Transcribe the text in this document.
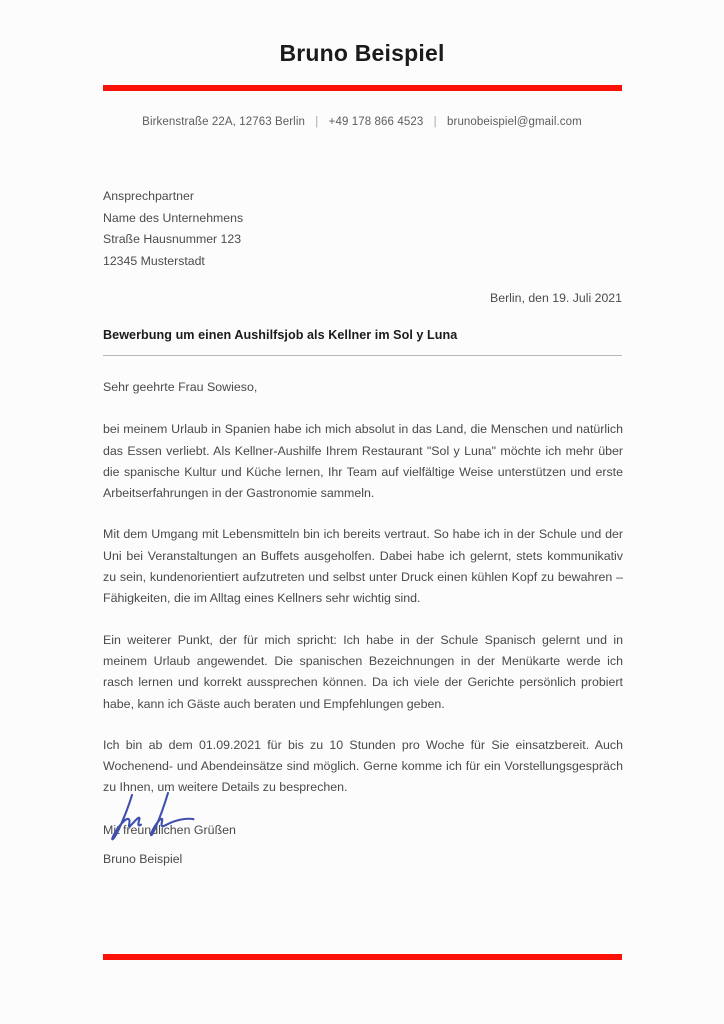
Bruno Beispiel
Birkenstraße 22A, 12763 Berlin | +49 178 866 4523 | brunobeispiel@gmail.com
Ansprechpartner
Name des Unternehmens
Straße Hausnummer 123
12345 Musterstadt
Berlin, den 19. Juli 2021
Bewerbung um einen Aushilfsjob als Kellner im Sol y Luna

Sehr geehrte Frau Sowieso,

bei meinem Urlaub in Spanien habe ich mich absolut in das Land, die Menschen und natürlich das Essen verliebt. Als Kellner-Aushilfe Ihrem Restaurant "Sol y Luna" möchte ich mehr über die spanische Kultur und Küche lernen, Ihr Team auf vielfältige Weise unterstützen und erste Arbeitserfahrungen in der Gastronomie sammeln.

Mit dem Umgang mit Lebensmitteln bin ich bereits vertraut. So habe ich in der Schule und der Uni bei Veranstaltungen an Buffets ausgeholfen. Dabei habe ich gelernt, stets kommunikativ zu sein, kundenorientiert aufzutreten und selbst unter Druck einen kühlen Kopf zu bewahren – Fähigkeiten, die im Alltag eines Kellners sehr wichtig sind.

Ein weiterer Punkt, der für mich spricht: Ich habe in der Schule Spanisch gelernt und in meinem Urlaub angewendet. Die spanischen Bezeichnungen in der Menükarte werde ich rasch lernen und korrekt aussprechen können. Da ich viele der Gerichte persönlich probiert habe, kann ich Gäste auch beraten und Empfehlungen geben.

Ich bin ab dem 01.09.2021 für bis zu 10 Stunden pro Woche für Sie einsatzbereit. Auch Wochenend- und Abendeinsätze sind möglich. Gerne komme ich für ein Vorstellungsgespräch zu Ihnen, um weitere Details zu besprechen.

Mit freundlichen Grüßen

Bruno Beispiel
